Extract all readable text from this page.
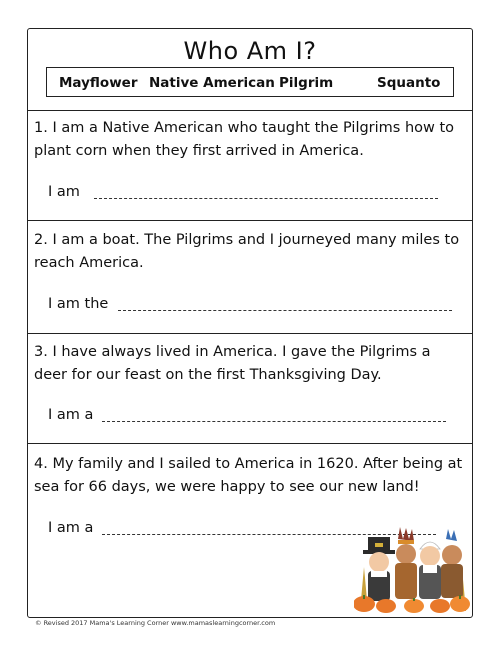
Who Am I?
Mayflower Native American Pilgrim	Squanto
1. I am a Native American who taught the Pilgrims how to plant corn when they first arrived in America.
I am
2. I am a boat. The Pilgrims and I journeyed many miles to reach America.
I am the
3. I have always lived in America. I gave the Pilgrims a deer for our feast on the first Thanksgiving Day.
I am a
4. My family and I sailed to America in 1620. After being at sea for 66 days, we were happy to see our new land!
I am a
© Revised 2017 Mama's Learning Corner www.mamaslearningcorner.com
